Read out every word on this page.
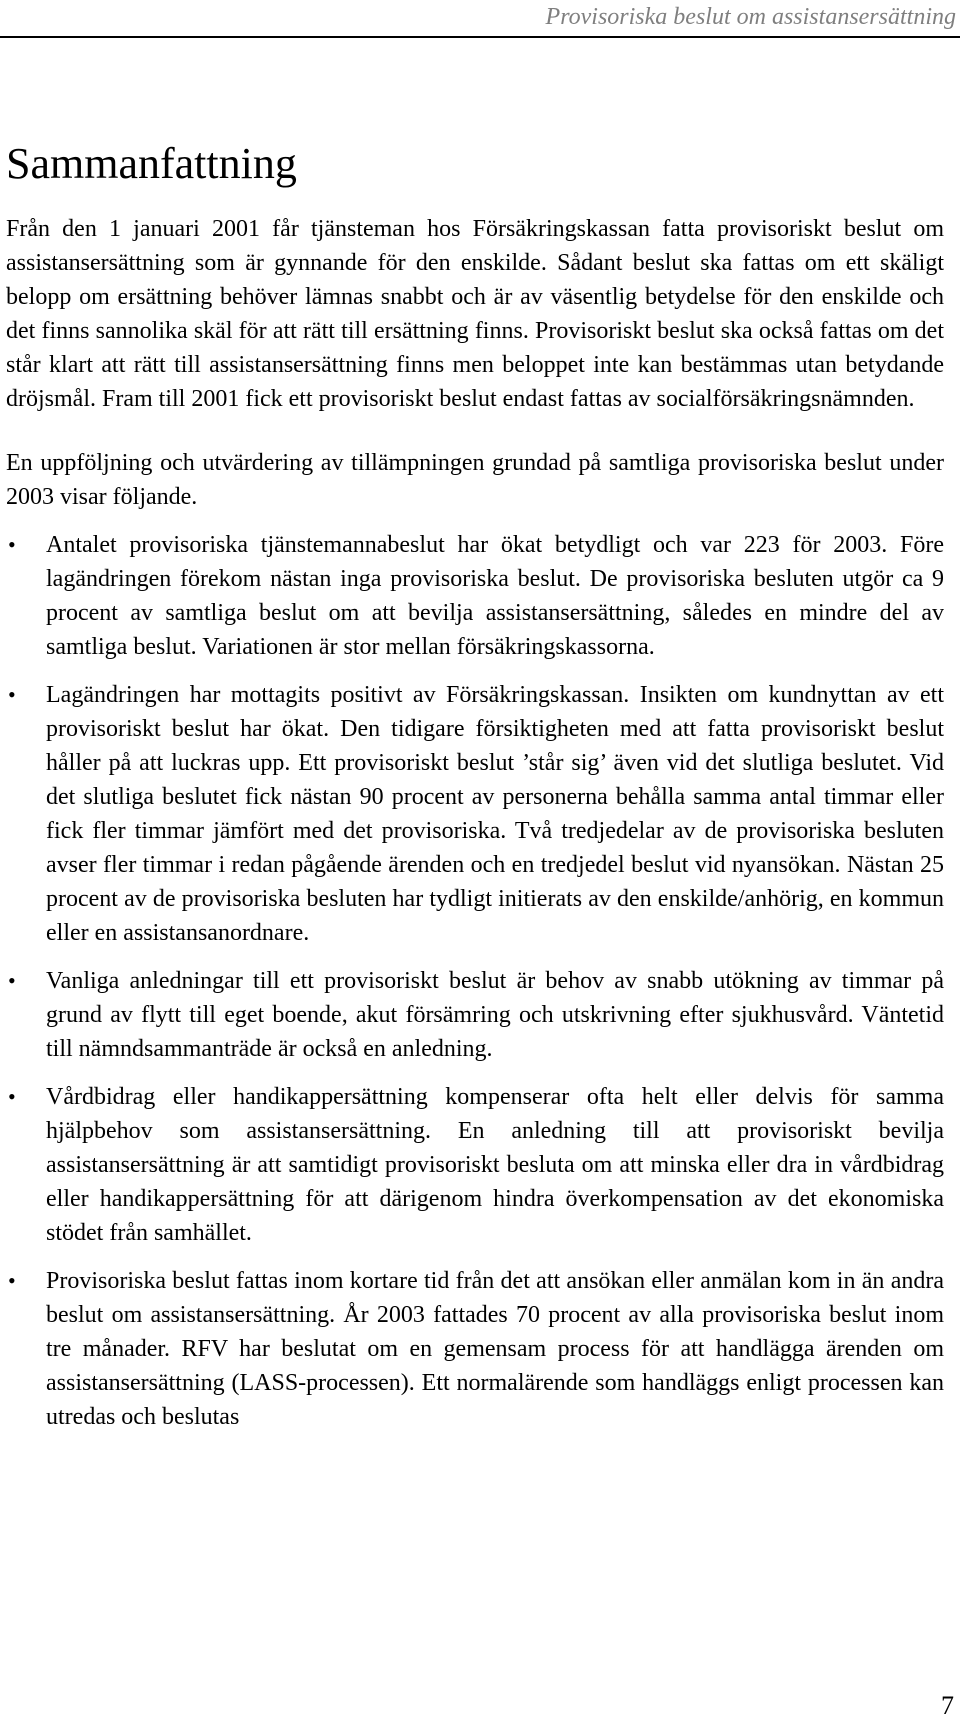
Provisoriska beslut om assistansersättning
Sammanfattning

Från den 1 januari 2001 får tjänsteman hos Försäkringskassan fatta provisoriskt beslut om assistansersättning som är gynnande för den enskilde. Sådant beslut ska fattas om ett skäligt belopp om ersättning behöver lämnas snabbt och är av väsentlig betydelse för den enskilde och det finns sannolika skäl för att rätt till ersättning finns. Provisoriskt beslut ska också fattas om det står klart att rätt till assistansersättning finns men beloppet inte kan bestämmas utan betydande dröjsmål. Fram till 2001 fick ett provisoriskt beslut endast fattas av socialförsäkringsnämnden.

En uppföljning och utvärdering av tillämpningen grundad på samtliga provisoriska beslut under 2003 visar följande.

• Antalet provisoriska tjänstemannabeslut har ökat betydligt och var 223 för 2003. Före lagändringen förekom nästan inga provisoriska beslut. De provisoriska besluten utgör ca 9 procent av samtliga beslut om att bevilja assistansersättning, således en mindre del av samtliga beslut. Variationen är stor mellan försäkringskassorna.
• Lagändringen har mottagits positivt av Försäkringskassan. Insikten om kundnyttan av ett provisoriskt beslut har ökat. Den tidigare försiktigheten med att fatta provisoriskt beslut håller på att luckras upp. Ett provisoriskt beslut ’står sig’ även vid det slutliga beslutet. Vid det slutliga beslutet fick nästan 90 procent av personerna behålla samma antal timmar eller fick fler timmar jämfört med det provisoriska. Två tredjedelar av de provisoriska besluten avser fler timmar i redan pågående ärenden och en tredjedel beslut vid nyansökan. Nästan 25 procent av de provisoriska besluten har tydligt initierats av den enskilde/anhörig, en kommun eller en assistansanordnare.
• Vanliga anledningar till ett provisoriskt beslut är behov av snabb utökning av timmar på grund av flytt till eget boende, akut försämring och utskrivning efter sjukhusvård. Väntetid till nämndsammanträde är också en anledning.
• Vårdbidrag eller handikappersättning kompenserar ofta helt eller delvis för samma hjälpbehov som assistansersättning. En anledning till att provisoriskt bevilja assistansersättning är att samtidigt provisoriskt besluta om att minska eller dra in vårdbidrag eller handikappersättning för att därigenom hindra överkompensation av det ekonomiska stödet från samhället.
• Provisoriska beslut fattas inom kortare tid från det att ansökan eller anmälan kom in än andra beslut om assistansersättning. År 2003 fattades 70 procent av alla provisoriska beslut inom tre månader. RFV har beslutat om en gemensam process för att handlägga ärenden om assistansersättning (LASS-processen). Ett normalärende som handläggs enligt processen kan utredas och beslutas
7
